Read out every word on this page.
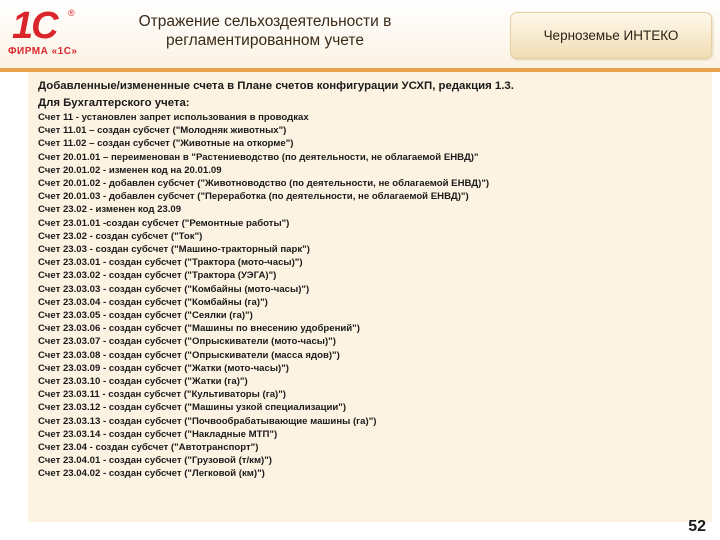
1С ®
ФИРМА «1С»
Отражение сельхоздеятельности в
регламентированном учете	Черноземье ИНТЕКО
Добавленные/измененные счета в Плане счетов конфигурации УСХП, редакция 1.3.
Для Бухгалтерского учета:
Счет 11 - установлен запрет использования в проводках
Счет 11.01 – создан субсчет ("Молодняк животных")
Счет 11.02 – создан субсчет ("Животные на откорме")
Счет 20.01.01 – переименован в "Растениеводство (по деятельности, не облагаемой ЕНВД)"
Счет 20.01.02 - изменен код на 20.01.09
Счет 20.01.02 - добавлен субсчет ("Животноводство (по деятельности, не облагаемой ЕНВД)")
Счет 20.01.03 - добавлен субсчет ("Переработка (по деятельности, не облагаемой ЕНВД)")
Счет 23.02 - изменен код 23.09
Счет 23.01.01 -создан субсчет ("Ремонтные работы")
Счет 23.02 - создан субсчет ("Ток")
Счет 23.03 - создан субсчет ("Машино-тракторный парк")
Счет 23.03.01 - создан субсчет ("Трактора (мото-часы)")
Счет 23.03.02 - создан субсчет ("Трактора (УЭГА)")
Счет 23.03.03 - создан субсчет ("Комбайны (мото-часы)")
Счет 23.03.04 - создан субсчет ("Комбайны (га)")
Счет 23.03.05 - создан субсчет ("Сеялки (га)")
Счет 23.03.06 - создан субсчет ("Машины по внесению удобрений")
Счет 23.03.07 - создан субсчет ("Опрыскиватели (мото-часы)")
Счет 23.03.08 - создан субсчет ("Опрыскиватели (масса ядов)")
Счет 23.03.09 - создан субсчет ("Жатки (мото-часы)")
Счет 23.03.10 - создан субсчет ("Жатки (га)")
Счет 23.03.11 - создан субсчет ("Культиваторы (га)")
Счет 23.03.12 - создан субсчет ("Машины узкой специализации")
Счет 23.03.13 - создан субсчет ("Почвообрабатывающие машины (га)")
Счет 23.03.14 - создан субсчет ("Накладные МТП")
Счет 23.04 - создан субсчет ("Автотранспорт")
Счет 23.04.01 - создан субсчет ("Грузовой (т/км)")
Счет 23.04.02 - создан субсчет ("Легковой (км)")
52
